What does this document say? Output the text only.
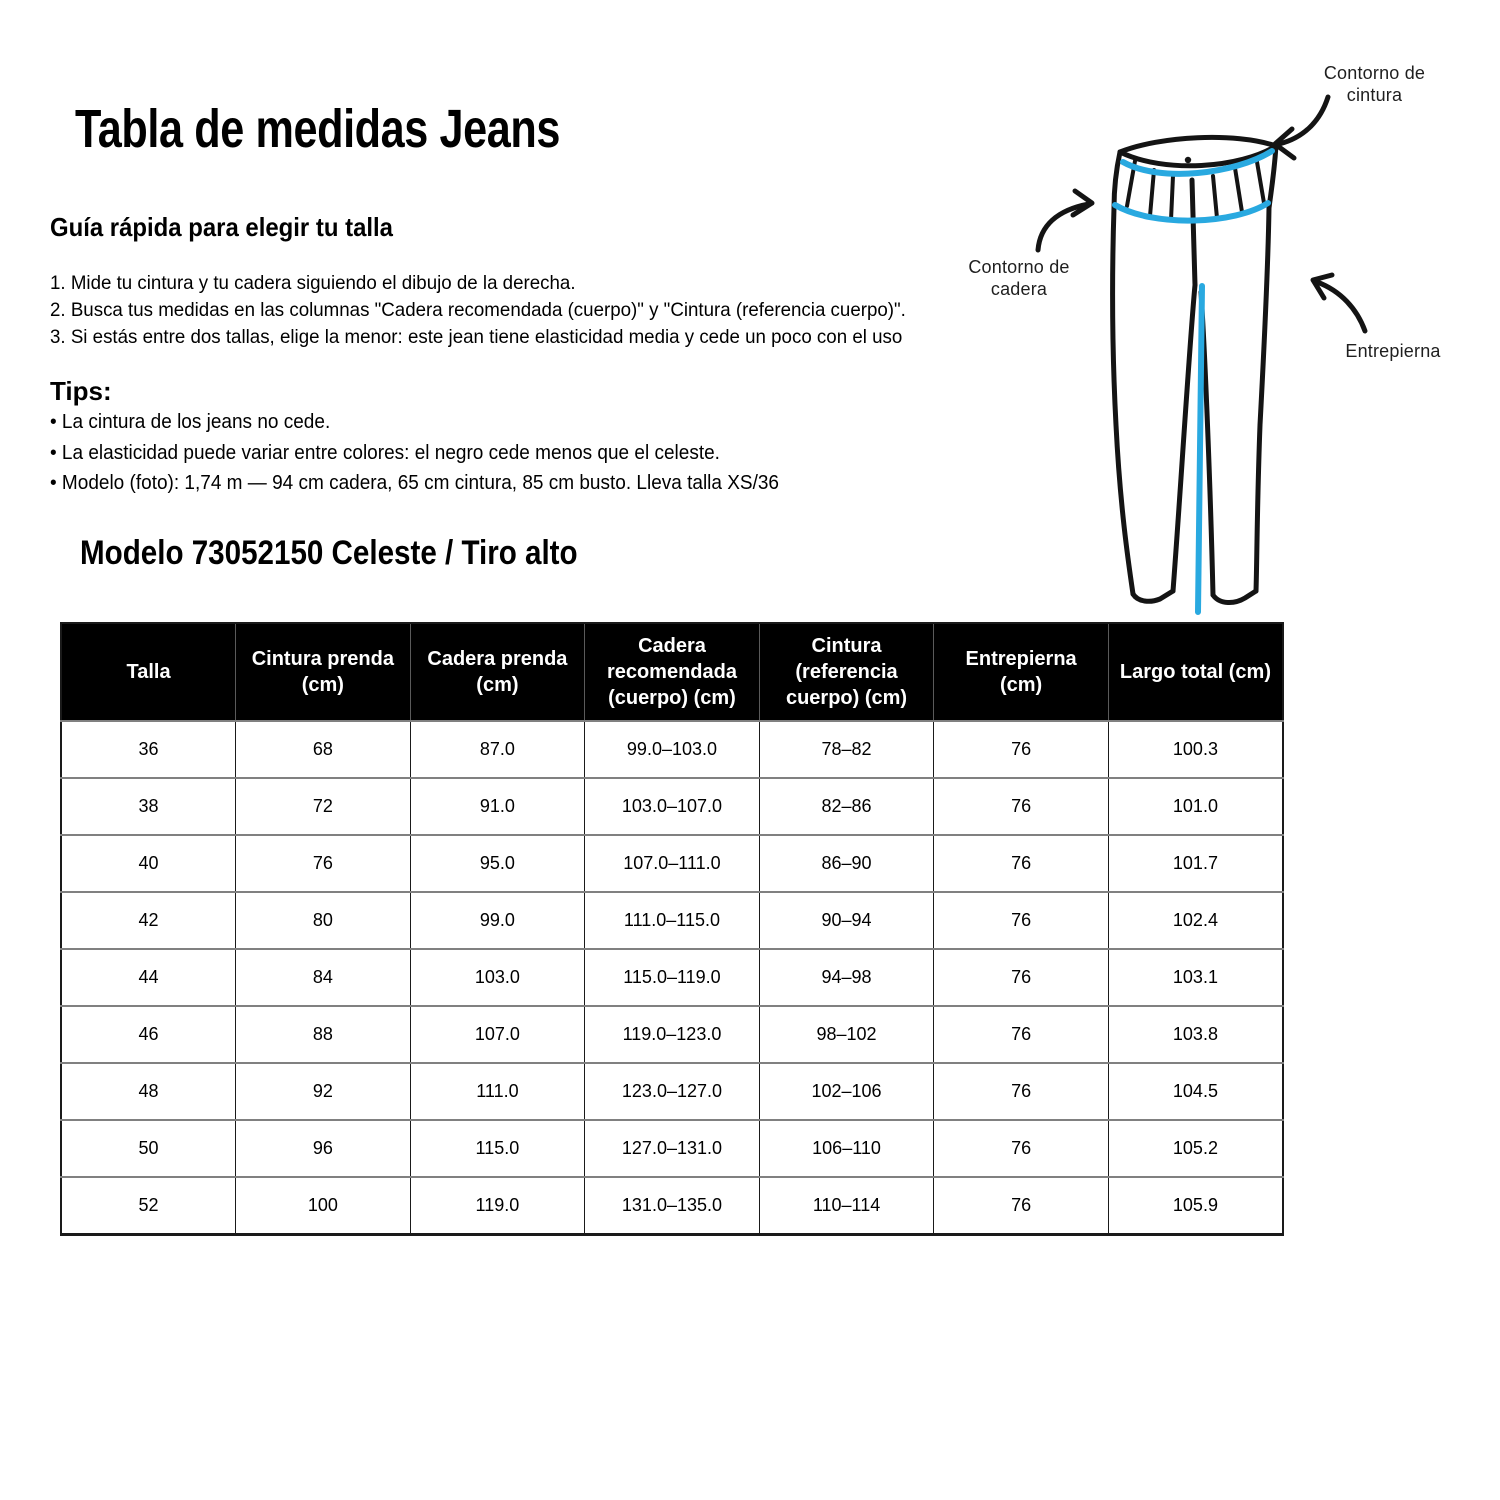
Tabla de medidas Jeans
Guía rápida para elegir tu talla
1. Mide tu cintura y tu cadera siguiendo el dibujo de la derecha.
2. Busca tus medidas en las columnas "Cadera recomendada (cuerpo)" y "Cintura (referencia cuerpo)".
3. Si estás entre dos tallas, elige la menor: este jean tiene elasticidad media y cede un poco con el uso
Tips:
• La cintura de los jeans no cede.
• La elasticidad puede variar entre colores: el negro cede menos que el celeste.
• Modelo (foto): 1,74 m — 94 cm cadera, 65 cm cintura, 85 cm busto. Lleva talla XS/36
Modelo 73052150 Celeste / Tiro alto
Contorno de cintura
Contorno de cadera
Entrepierna
Talla	Cintura prenda (cm)	Cadera prenda (cm)	Cadera recomendada (cuerpo) (cm)	Cintura (referencia cuerpo) (cm)	Entrepierna (cm)	Largo total (cm)
36	68	87.0	99.0–103.0	78–82	76	100.3
38	72	91.0	103.0–107.0	82–86	76	101.0
40	76	95.0	107.0–111.0	86–90	76	101.7
42	80	99.0	111.0–115.0	90–94	76	102.4
44	84	103.0	115.0–119.0	94–98	76	103.1
46	88	107.0	119.0–123.0	98–102	76	103.8
48	92	111.0	123.0–127.0	102–106	76	104.5
50	96	115.0	127.0–131.0	106–110	76	105.2
52	100	119.0	131.0–135.0	110–114	76	105.9
